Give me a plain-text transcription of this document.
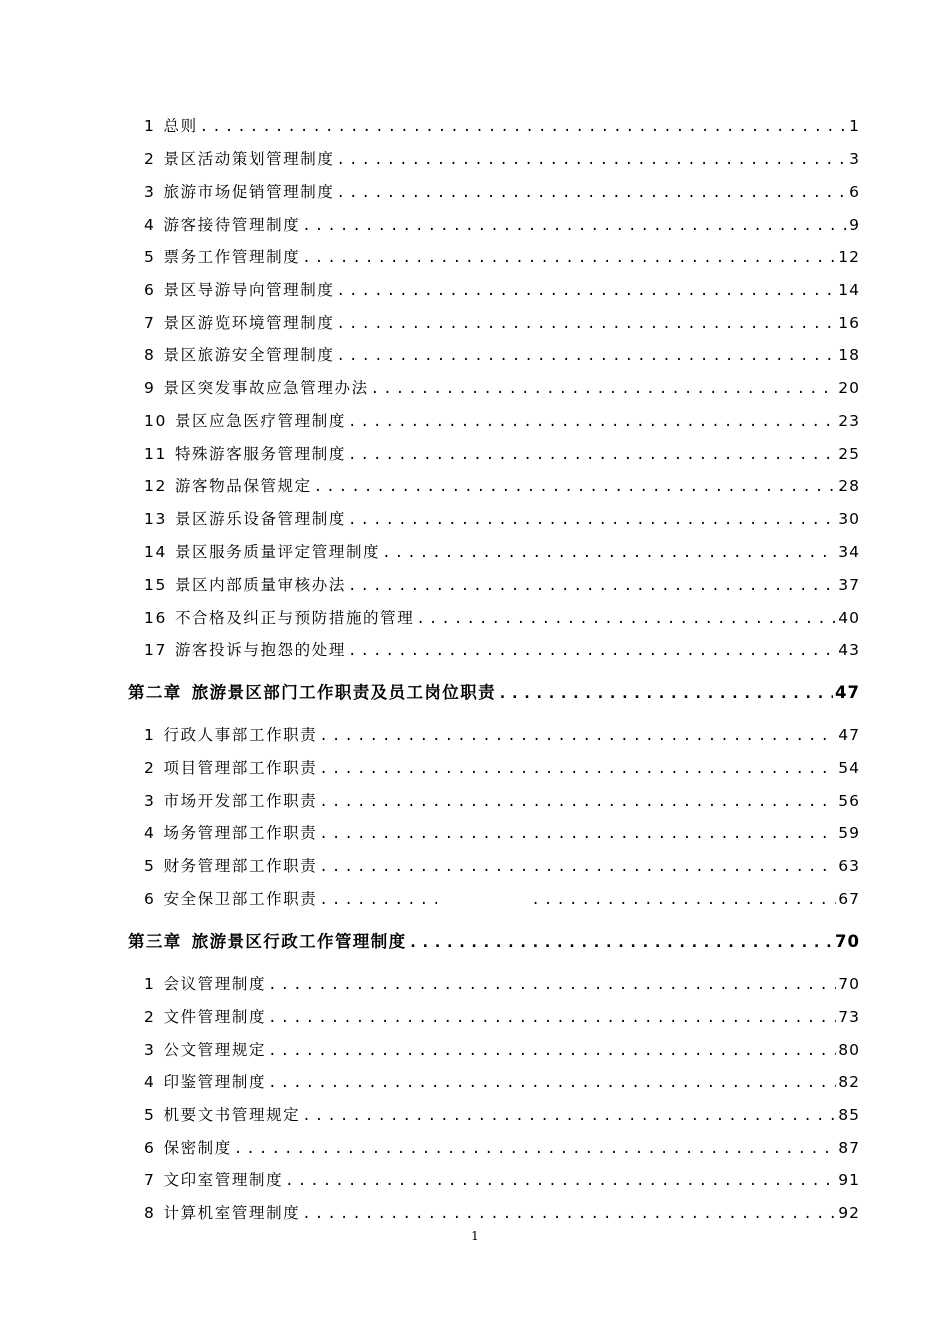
1 总则 .....	1
2 景区活动策划管理制度 .....	3
3 旅游市场促销管理制度 .....	6
4 游客接待管理制度 .....	9
5 票务工作管理制度 .....	12
6 景区导游导向管理制度 .....	14
7 景区游览环境管理制度 .....	16
8 景区旅游安全管理制度 .....	18
9 景区突发事故应急管理办法 .....	20
10 景区应急医疗管理制度 .....	23
11 特殊游客服务管理制度 .....	25
12 游客物品保管规定 .....	28
13 景区游乐设备管理制度 .....	30
14 景区服务质量评定管理制度 .....	34
15 景区内部质量审核办法 .....	37
16 不合格及纠正与预防措施的管理 .....	40
17 游客投诉与抱怨的处理 .....	43
第二章 旅游景区部门工作职责及员工岗位职责 .....	47
1 行政人事部工作职责 .....	47
2 项目管理部工作职责 .....	54
3 市场开发部工作职责 .....	56
4 场务管理部工作职责 .....	59
5 财务管理部工作职责 .....	63
6 安全保卫部工作职责 ..... .....	67
第三章 旅游景区行政工作管理制度 .....	70
1 会议管理制度 .....	70
2 文件管理制度 .....	73
3 公文管理规定 .....	80
4 印鉴管理制度 .....	82
5 机要文书管理规定 .....	85
6 保密制度 .....	87
7 文印室管理制度 .....	91
8 计算机室管理制度 .....	92
1
